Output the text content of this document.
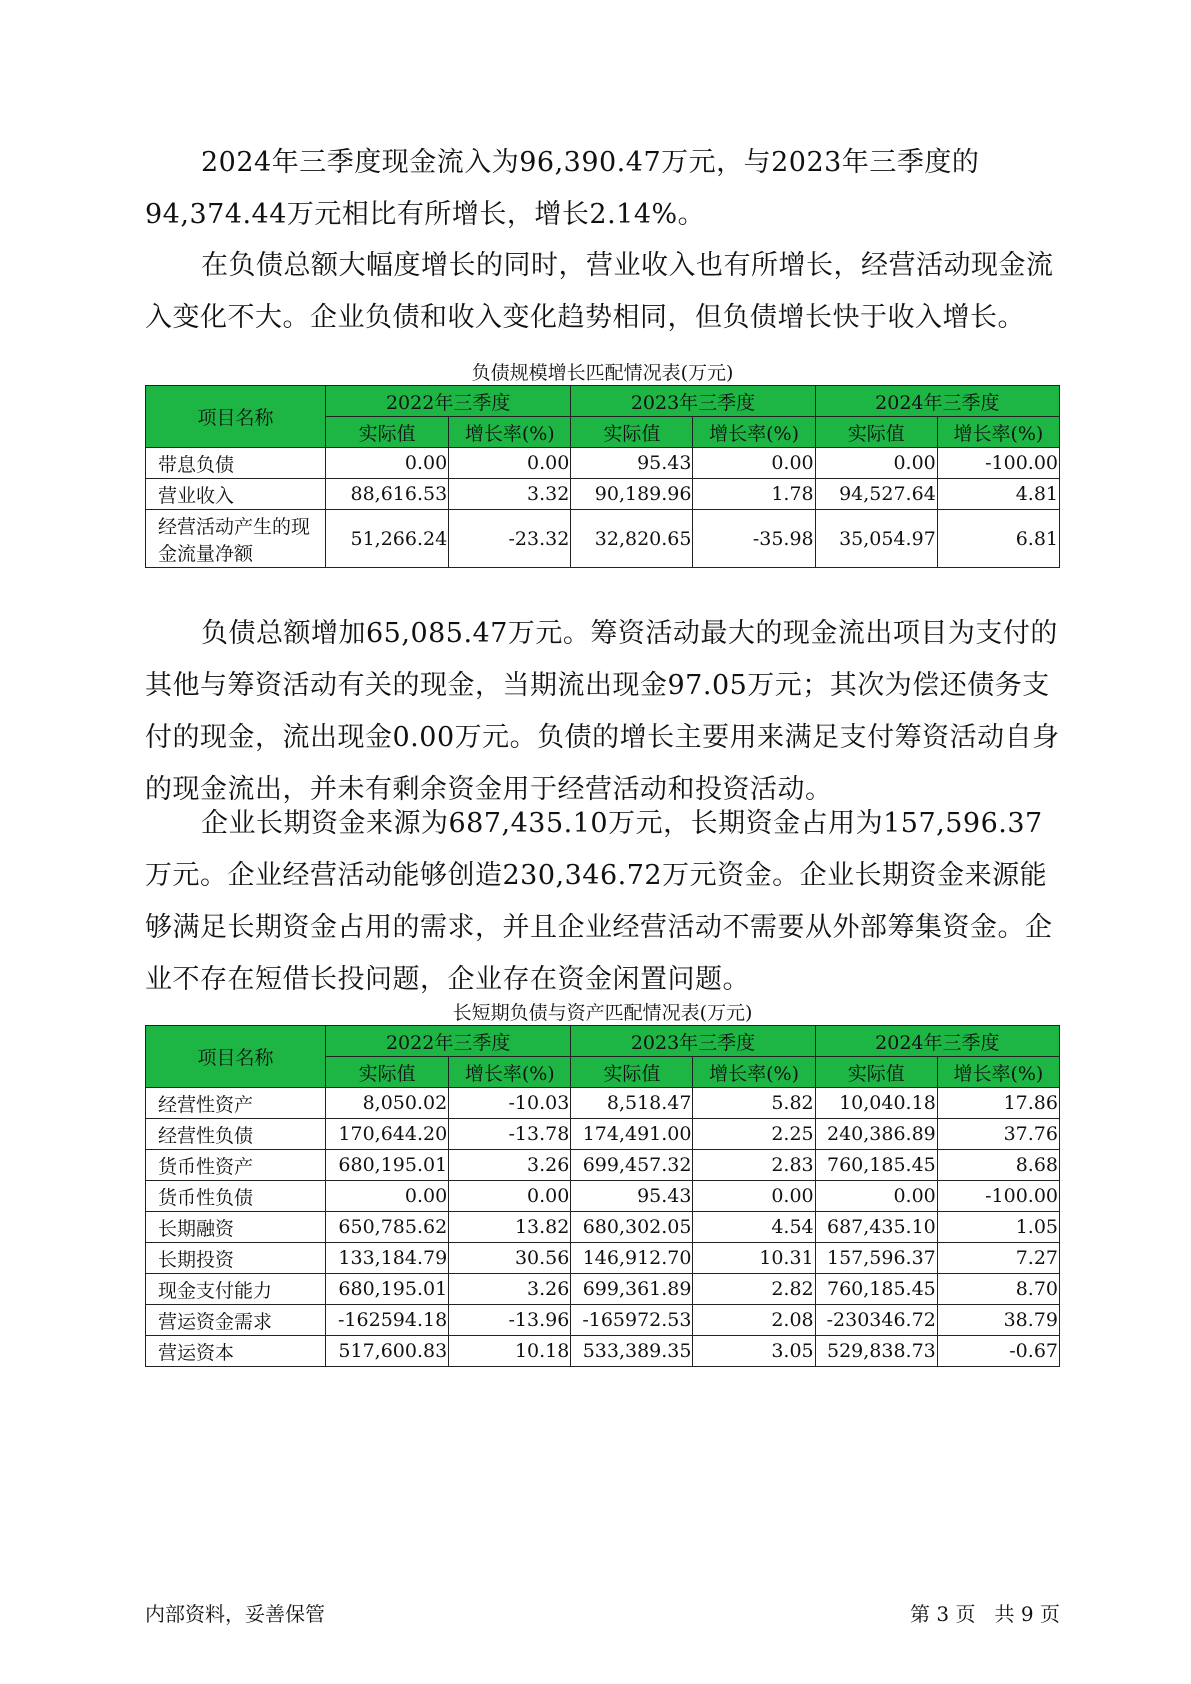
2024年三季度现金流入为96,390.47万元，与2023年三季度的94,374.44万元相比有所增长，增长2.14%。

在负债总额大幅度增长的同时，营业收入也有所增长，经营活动现金流入变化不大。企业负债和收入变化趋势相同，但负债增长快于收入增长。

负债规模增长匹配情况表(万元)

项目名称	2022年三季度		2023年三季度		2024年三季度	
	实际值	增长率(%)	实际值	增长率(%)	实际值	增长率(%)
带息负债	0.00	0.00	95.43	0.00	0.00	-100.00
营业收入	88,616.53	3.32	90,189.96	1.78	94,527.64	4.81
经营活动产生的现金流量净额	51,266.24	-23.32	32,820.65	-35.98	35,054.97	6.81

负债总额增加65,085.47万元。筹资活动最大的现金流出项目为支付的其他与筹资活动有关的现金，当期流出现金97.05万元；其次为偿还债务支付的现金，流出现金0.00万元。负债的增长主要用来满足支付筹资活动自身的现金流出，并未有剩余资金用于经营活动和投资活动。

企业长期资金来源为687,435.10万元，长期资金占用为157,596.37万元。企业经营活动能够创造230,346.72万元资金。企业长期资金来源能够满足长期资金占用的需求，并且企业经营活动不需要从外部筹集资金。企业不存在短借长投问题，企业存在资金闲置问题。

长短期负债与资产匹配情况表(万元)

项目名称	2022年三季度		2023年三季度		2024年三季度	
	实际值	增长率(%)	实际值	增长率(%)	实际值	增长率(%)
经营性资产	8,050.02	-10.03	8,518.47	5.82	10,040.18	17.86
经营性负债	170,644.20	-13.78	174,491.00	2.25	240,386.89	37.76
货币性资产	680,195.01	3.26	699,457.32	2.83	760,185.45	8.68
货币性负债	0.00	0.00	95.43	0.00	0.00	-100.00
长期融资	650,785.62	13.82	680,302.05	4.54	687,435.10	1.05
长期投资	133,184.79	30.56	146,912.70	10.31	157,596.37	7.27
现金支付能力	680,195.01	3.26	699,361.89	2.82	760,185.45	8.70
营运资金需求	-162594.18	-13.96	-165972.53	2.08	-230346.72	38.79
营运资本	517,600.83	10.18	533,389.35	3.05	529,838.73	-0.67

内部资料，妥善保管	第 3 页   共 9 页
